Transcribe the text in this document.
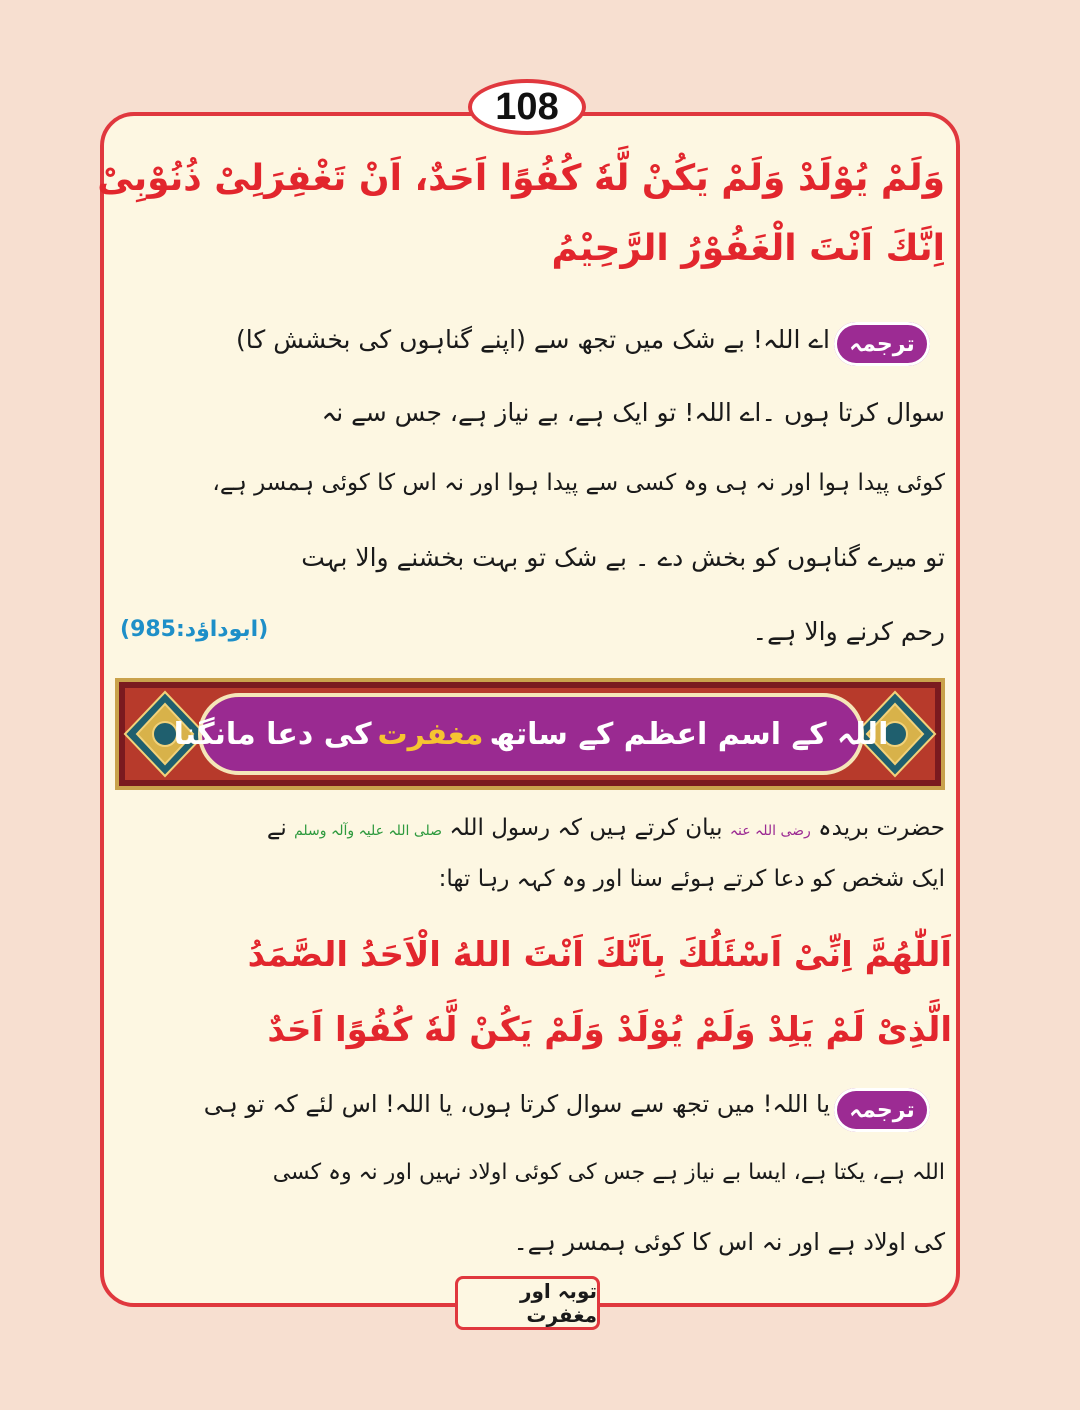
108
وَلَمْ يُوْلَدْ وَلَمْ يَكُنْ لَّهٗ كُفُوًا اَحَدٌ، اَنْ تَغْفِرَلِیْ ذُنُوْبِیْ
اِنَّكَ اَنْتَ الْغَفُوْرُ الرَّحِيْمُ
ترجمہ
اے اللہ! بے شک میں تجھ سے (اپنے گناہوں کی بخشش کا)
سوال کرتا ہوں ۔اے اللہ! تو ایک ہے، بے نیاز ہے، جس سے نہ
کوئی پیدا ہوا اور نہ ہی وہ کسی سے پیدا ہوا اور نہ اس کا کوئی ہمسر ہے،
تو میرے گناہوں کو بخش دے ۔ بے شک تو بہت بخشنے والا بہت
رحم کرنے والا ہے۔
(ابوداؤد:985)
اللہ کے اسم اعظم کے ساتھ
مغفرت
کی دعا مانگنا
حضرت بریدہ رضی اللہ عنہ بیان کرتے ہیں کہ رسول اللہ صلی اللہ علیہ وآلہ وسلم نے
ایک شخص کو دعا کرتے ہوئے سنا اور وہ کہہ رہا تھا:
اَللّٰهُمَّ اِنِّیْ اَسْئَلُكَ بِاَنَّكَ اَنْتَ اللهُ الْاَحَدُ الصَّمَدُ
الَّذِیْ لَمْ يَلِدْ وَلَمْ يُوْلَدْ وَلَمْ يَكُنْ لَّهٗ كُفُوًا اَحَدٌ
ترجمہ
یا اللہ! میں تجھ سے سوال کرتا ہوں، یا اللہ! اس لئے کہ تو ہی
اللہ ہے، یکتا ہے، ایسا بے نیاز ہے جس کی کوئی اولاد نہیں اور نہ وہ کسی
کی اولاد ہے اور نہ اس کا کوئی ہمسر ہے۔
توبہ اور مغفرت
